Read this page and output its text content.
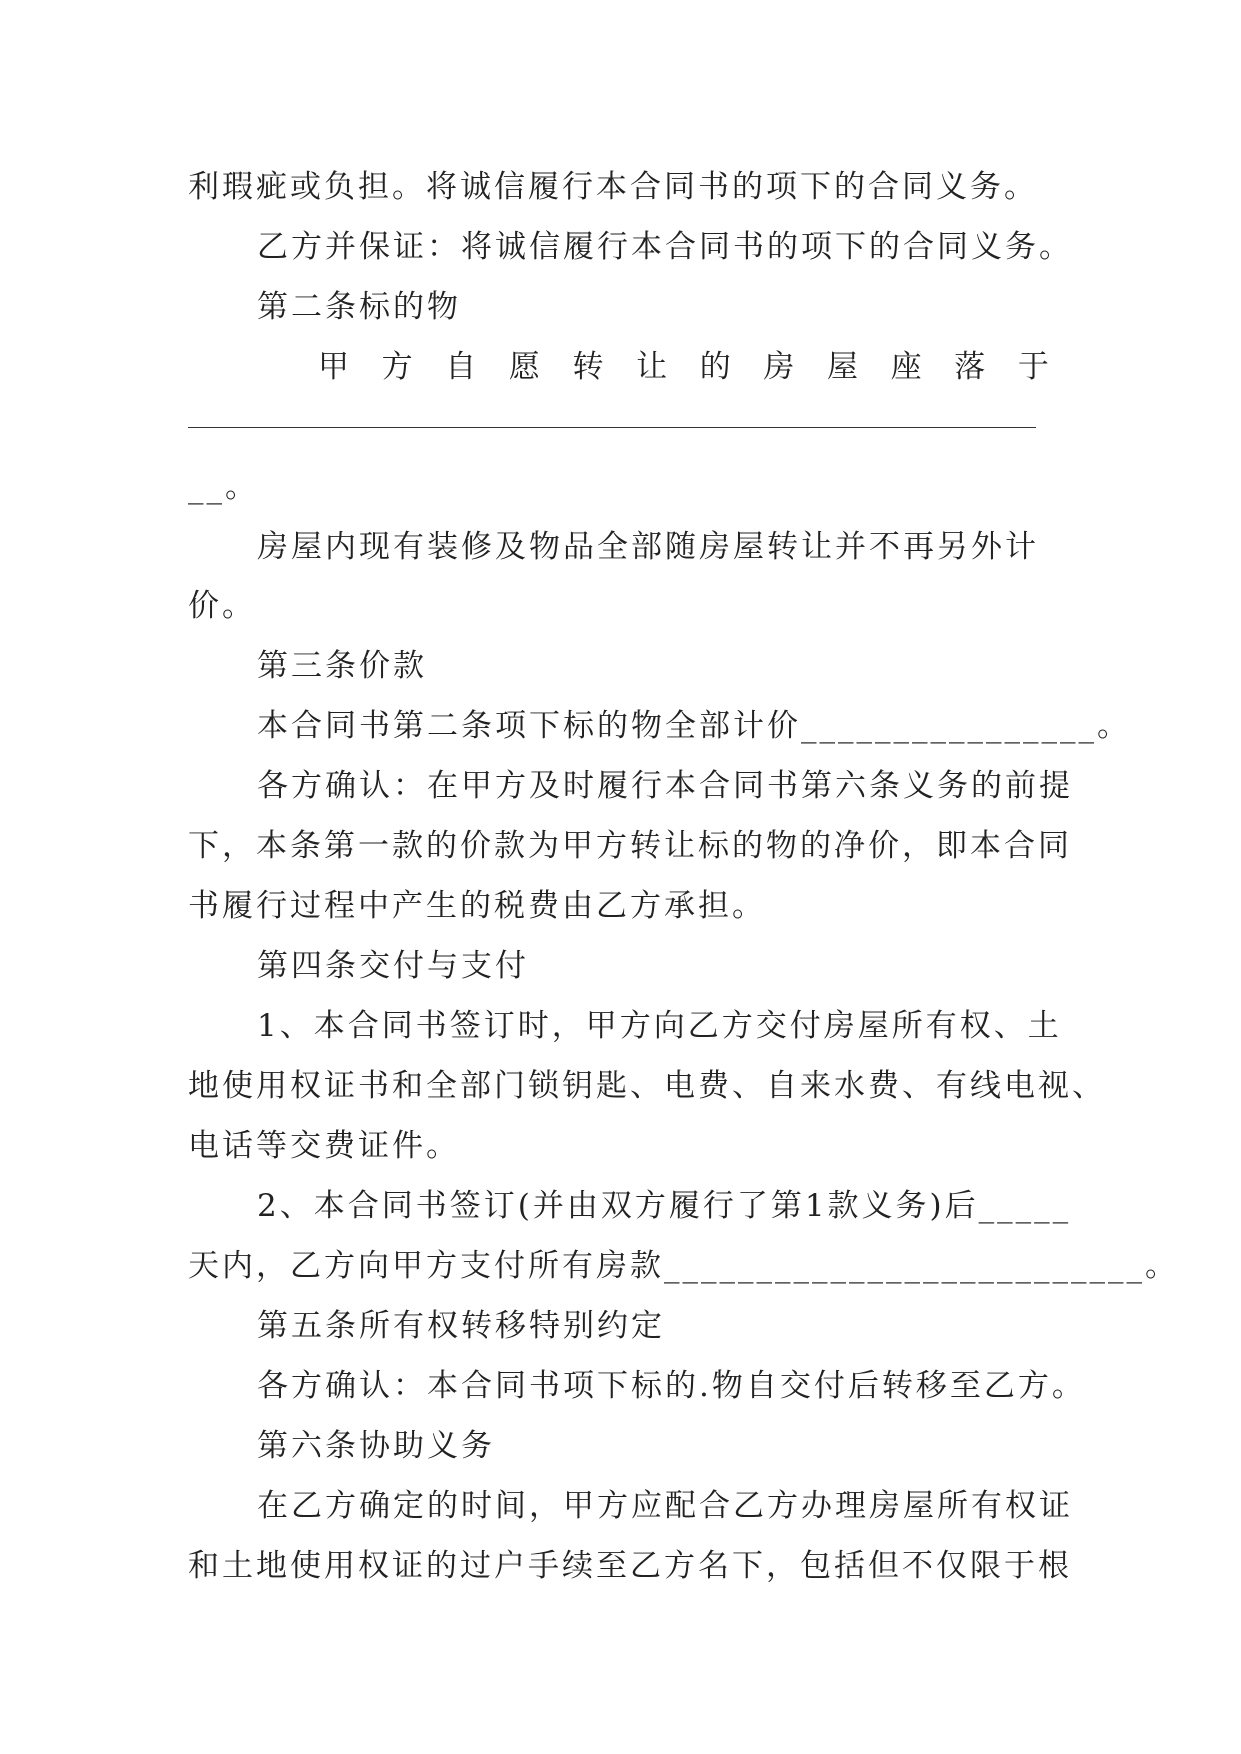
利瑕疵或负担。将诚信履行本合同书的项下的合同义务。
乙方并保证：将诚信履行本合同书的项下的合同义务。
第二条标的物
甲 方 自 愿 转 让 的 房 屋 座 落 于
__。
房屋内现有装修及物品全部随房屋转让并不再另外计
价。
第三条价款
本合同书第二条项下标的物全部计价________________。
各方确认：在甲方及时履行本合同书第六条义务的前提
下，本条第一款的价款为甲方转让标的物的净价，即本合同
书履行过程中产生的税费由乙方承担。
第四条交付与支付
1、本合同书签订时，甲方向乙方交付房屋所有权、土
地使用权证书和全部门锁钥匙、电费、自来水费、有线电视、
电话等交费证件。
2、本合同书签订(并由双方履行了第1款义务)后_____
天内，乙方向甲方支付所有房款__________________________。
第五条所有权转移特别约定
各方确认：本合同书项下标的.物自交付后转移至乙方。
第六条协助义务
在乙方确定的时间，甲方应配合乙方办理房屋所有权证
和土地使用权证的过户手续至乙方名下，包括但不仅限于根
